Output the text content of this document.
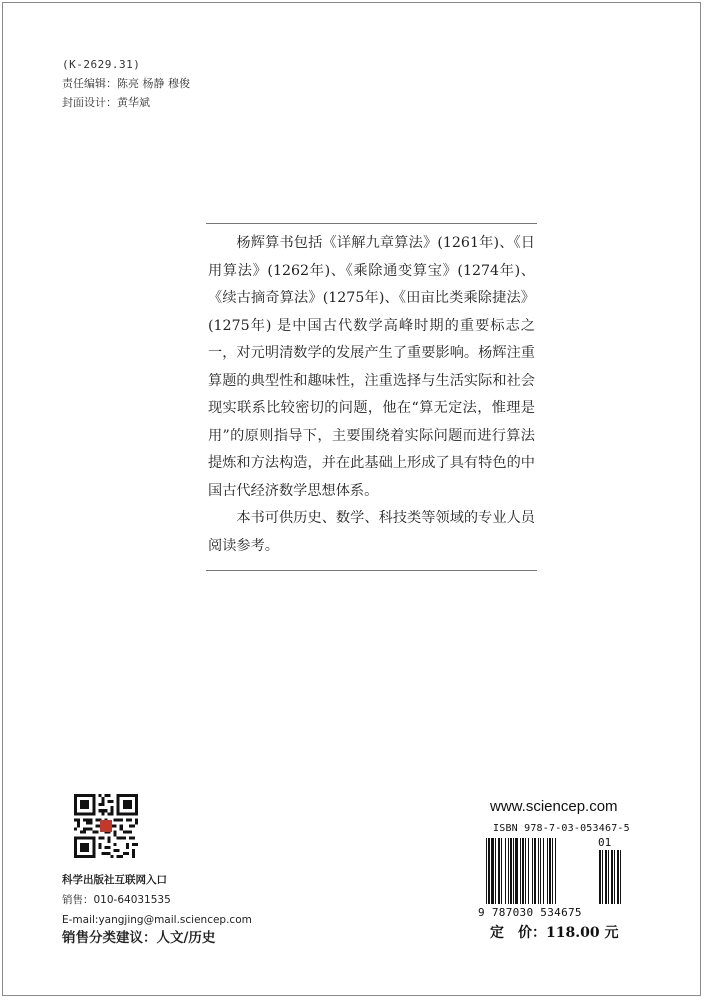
(K-2629.31)
责任编辑：陈亮 杨静 穆俊
封面设计：黄华斌

杨辉算书包括《详解九章算法》(1261年)、《日用算法》(1262年)、《乘除通变算宝》(1274年)、《续古摘奇算法》(1275年)、《田亩比类乘除捷法》(1275年) 是中国古代数学高峰时期的重要标志之一，对元明清数学的发展产生了重要影响。杨辉注重算题的典型性和趣味性，注重选择与生活实际和社会现实联系比较密切的问题，他在“算无定法，惟理是用”的原则指导下，主要围绕着实际问题而进行算法提炼和方法构造，并在此基础上形成了具有特色的中国古代经济数学思想体系。

本书可供历史、数学、科技类等领域的专业人员阅读参考。

科学出版社互联网入口
销售：010-64031535
E-mail:yangjing@mail.sciencep.com
销售分类建议：人文/历史
www.sciencep.com
ISBN 978-7-03-053467-5
01
9 787030 534675
定　价：118.00 元
